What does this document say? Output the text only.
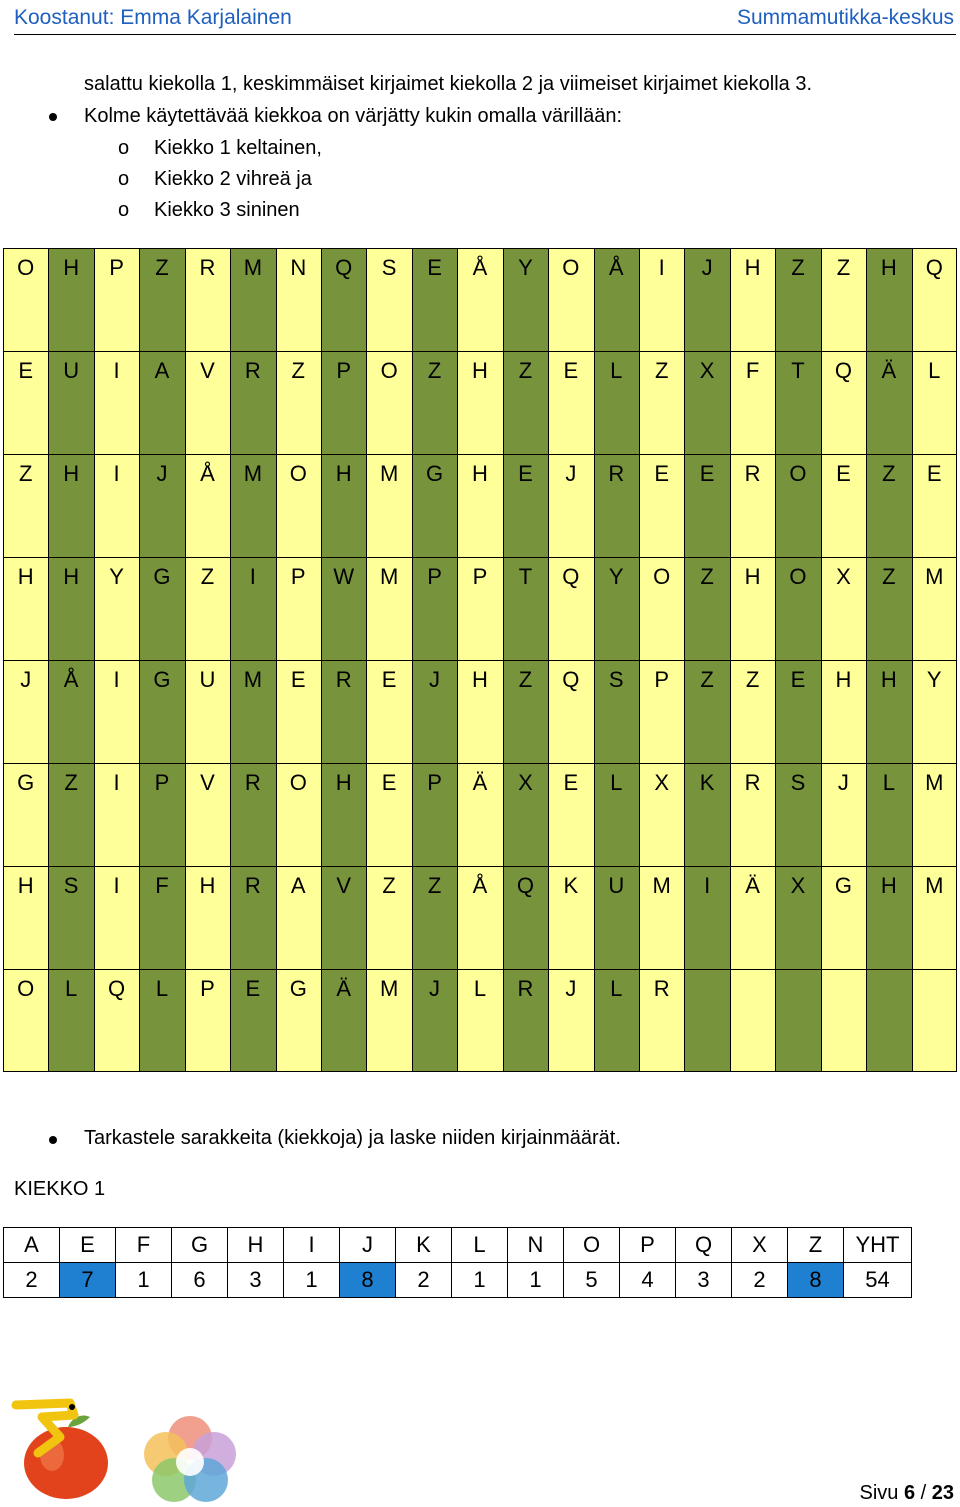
Koostanut: Emma Karjalainen	Summamutikka-keskus
salattu kiekolla 1, keskimmäiset kirjaimet kiekolla 2 ja viimeiset kirjaimet kiekolla 3.
Kolme käytettävää kiekkoa on värjätty kukin omalla värillään:
o Kiekko 1 keltainen,
o Kiekko 2 vihreä ja
o Kiekko 3 sininen
O	H	P	Z	R	M	N	Q	S	E	Å	Y	O	Å	I	J	H	Z	Z	H	Q
E	U	I	A	V	R	Z	P	O	Z	H	Z	E	L	Z	X	F	T	Q	Ä	L
Z	H	I	J	Å	M	O	H	M	G	H	E	J	R	E	E	R	O	E	Z	E
H	H	Y	G	Z	I	P	W	M	P	P	T	Q	Y	O	Z	H	O	X	Z	M
J	Å	I	G	U	M	E	R	E	J	H	Z	Q	S	P	Z	Z	E	H	H	Y
G	Z	I	P	V	R	O	H	E	P	Ä	X	E	L	X	K	R	S	J	L	M
H	S	I	F	H	R	A	V	Z	Z	Å	Q	K	U	M	I	Ä	X	G	H	M
O	L	Q	L	P	E	G	Ä	M	J	L	R	J	L	R
Tarkastele sarakkeita (kiekkoja) ja laske niiden kirjainmäärät.
KIEKKO 1
A	E	F	G	H	I	J	K	L	N	O	P	Q	X	Z	YHT
2	7	1	6	3	1	8	2	1	1	5	4	3	2	8	54
Sivu 6 / 23
